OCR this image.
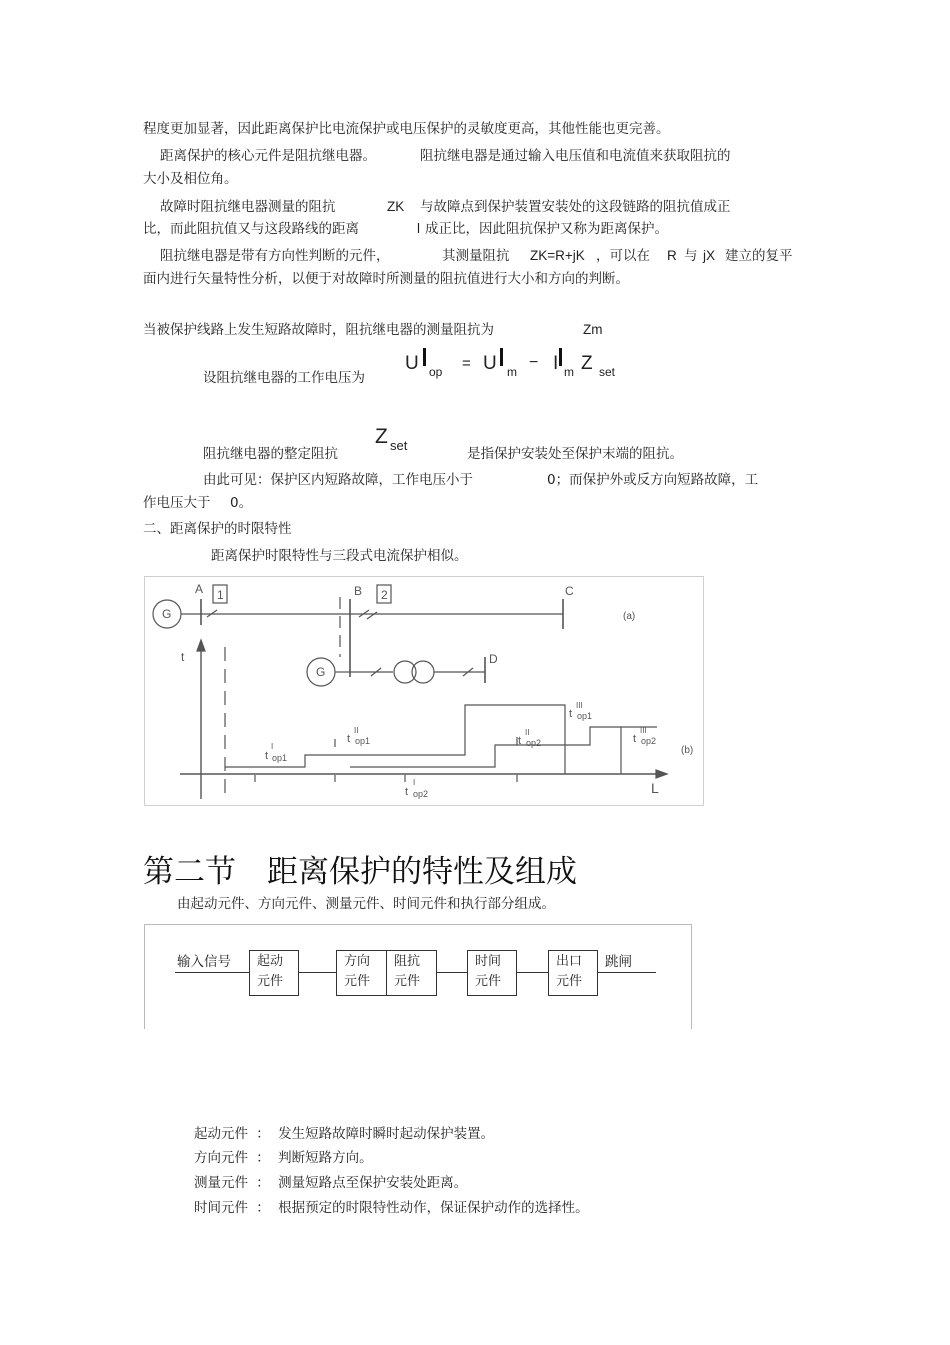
程度更加显著，因此距离保护比电流保护或电压保护的灵敏度更高，其他性能也更完善。
距离保护的核心元件是阻抗继电器。	阻抗继电器是通过输入电压值和电流值来获取阻抗的
大小及相位角。
故障时阻抗继电器测量的阻抗	ZK 与故障点到保护装置安装处的这段链路的阻抗值成正
比，而此阻抗值又与这段路线的距离	l 成正比，因此阻抗保护又称为距离保护。
阻抗继电器是带有方向性判断的元件，	其测量阻抗 ZK=R+jK ，可以在 R 与 jX 建立的复平
面内进行矢量特性分析，以便于对故障时所测量的阻抗值进行大小和方向的判断。
当被保护线路上发生短路故障时，阻抗继电器的测量阻抗为	Zm
设阻抗继电器的工作电压为
U op = U m
− I m Z set
Z set
阻抗继电器的整定阻抗	是指保护安装处至保护末端的阻抗。
由此可见：保护区内短路故障，工作电压小于	0；而保护外或反方向短路故障，工
作电压大于 0。
二、距离保护的时限特性
距离保护时限特性与三段式电流保护相似。
A	B	C
D
1	2
G
G
(a)
(b)
t
L
t
I
op1
t
II
op1
t
I
op2
t
II
op2
t
III
op1
t
III
op2
第二节　距离保护的特性及组成
由起动元件、方向元件、测量元件、时间元件和执行部分组成。
输入信号 起动
元件
方向
元件
阻抗
元件
时间
元件
出口
元件
跳闸
起动元件 ： 发生短路故障时瞬时起动保护装置。
方向元件 ： 判断短路方向。
测量元件 ： 测量短路点至保护安装处距离。
时间元件 ： 根据预定的时限特性动作，保证保护动作的选择性。
